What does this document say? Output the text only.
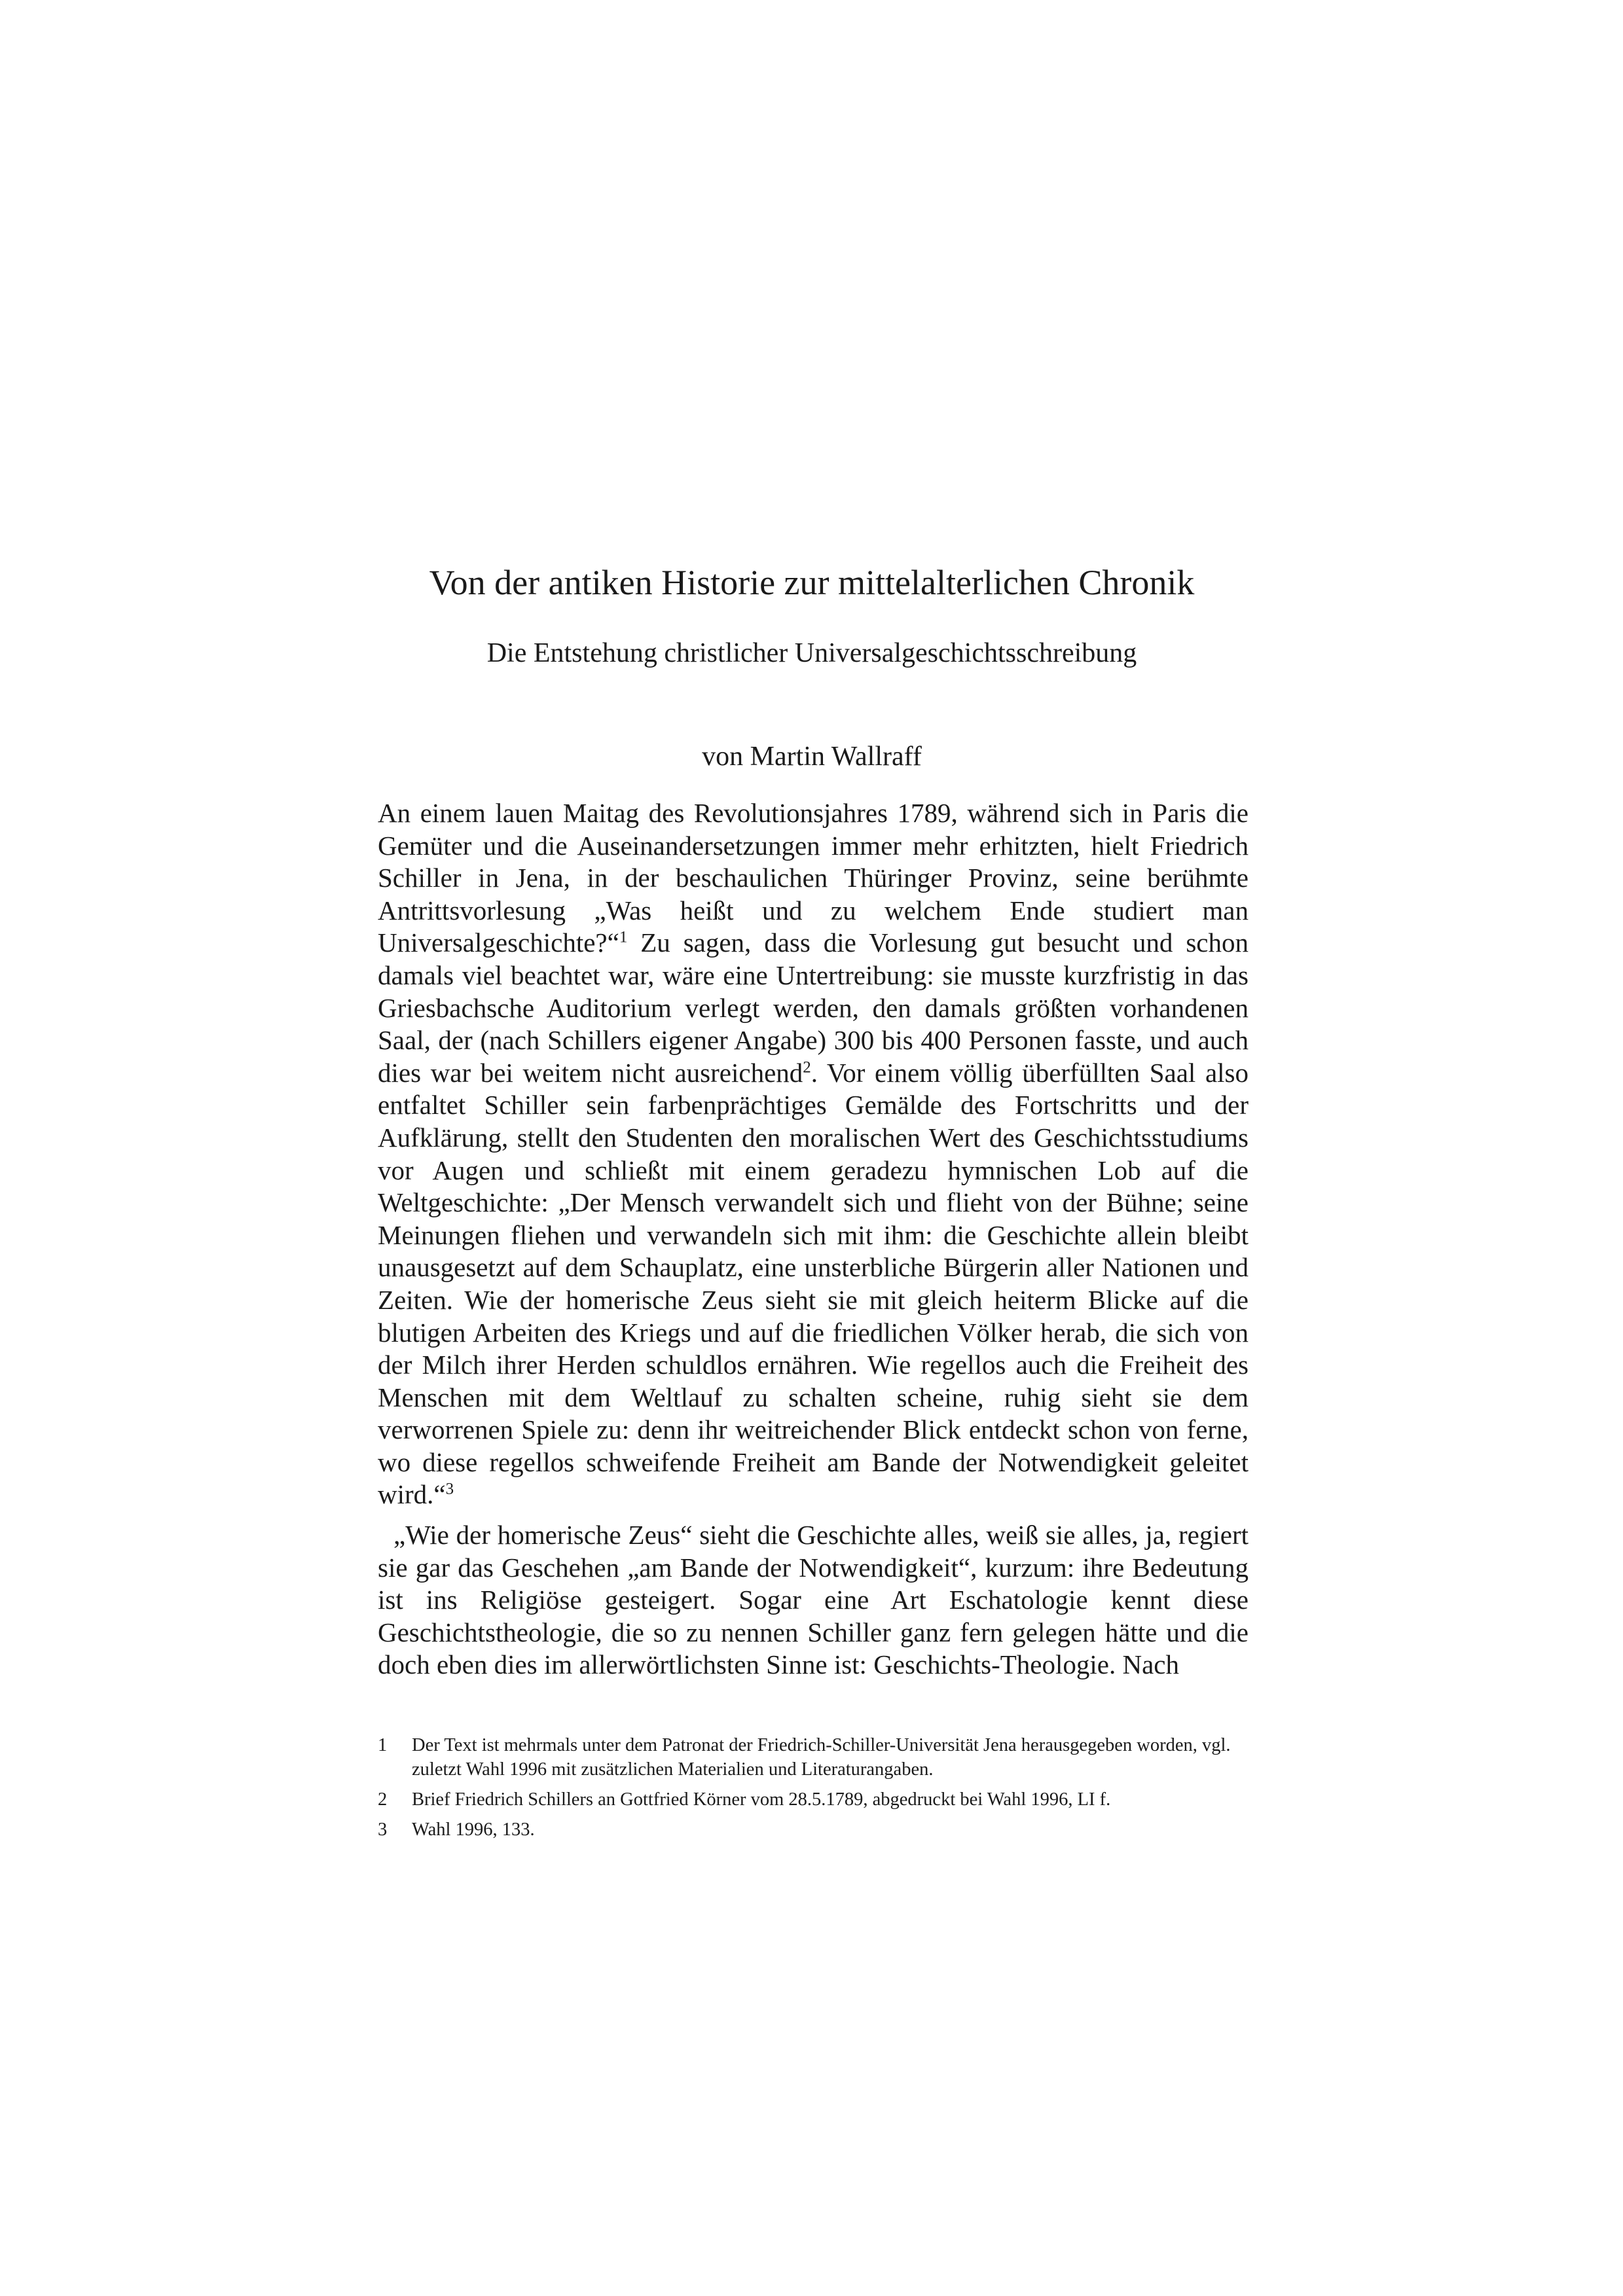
Von der antiken Historie zur mittelalterlichen Chronik
Die Entstehung christlicher Universalgeschichtsschreibung

von Martin Wallraff

An einem lauen Maitag des Revolutionsjahres 1789, während sich in Paris die Gemüter und die Auseinandersetzungen immer mehr erhitzten, hielt Friedrich Schiller in Jena, in der beschaulichen Thüringer Provinz, seine berühmte Antrittsvorlesung „Was heißt und zu welchem Ende studiert man Universalgeschichte?“$^1$ Zu sagen, dass die Vorlesung gut besucht und schon damals viel beachtet war, wäre eine Untertreibung: sie musste kurzfristig in das Griesbachsche Auditorium verlegt werden, den damals größten vorhandenen Saal, der (nach Schillers eigener Angabe) 300 bis 400 Personen fasste, und auch dies war bei weitem nicht ausreichend$^2$. Vor einem völlig überfüllten Saal also entfaltet Schiller sein farbenprächtiges Gemälde des Fortschritts und der Aufklärung, stellt den Studenten den moralischen Wert des Geschichtsstudiums vor Augen und schließt mit einem geradezu hymnischen Lob auf die Weltgeschichte: „Der Mensch verwandelt sich und flieht von der Bühne; seine Meinungen fliehen und verwandeln sich mit ihm: die Geschichte allein bleibt unausgesetzt auf dem Schauplatz, eine unsterbliche Bürgerin aller Nationen und Zeiten. Wie der homerische Zeus sieht sie mit gleich heiterm Blicke auf die blutigen Arbeiten des Kriegs und auf die friedlichen Völker herab, die sich von der Milch ihrer Herden schuldlos ernähren. Wie regellos auch die Freiheit des Menschen mit dem Weltlauf zu schalten scheine, ruhig sieht sie dem verworrenen Spiele zu: denn ihr weitreichender Blick entdeckt schon von ferne, wo diese regellos schweifende Freiheit am Bande der Notwendigkeit geleitet wird.“$^3$

„Wie der homerische Zeus“ sieht die Geschichte alles, weiß sie alles, ja, regiert sie gar das Geschehen „am Bande der Notwendigkeit“, kurzum: ihre Bedeutung ist ins Religiöse gesteigert. Sogar eine Art Eschatologie kennt diese Geschichtstheologie, die so zu nennen Schiller ganz fern gelegen hätte und die doch eben dies im allerwörtlichsten Sinne ist: Geschichts-Theologie. Nach

1	Der Text ist mehrmals unter dem Patronat der Friedrich-Schiller-Universität Jena herausgegeben worden, vgl. zuletzt Wahl 1996 mit zusätzlichen Materialien und Literaturangaben.
2	Brief Friedrich Schillers an Gottfried Körner vom 28.5.1789, abgedruckt bei Wahl 1996, LI f.
3	Wahl 1996, 133.
